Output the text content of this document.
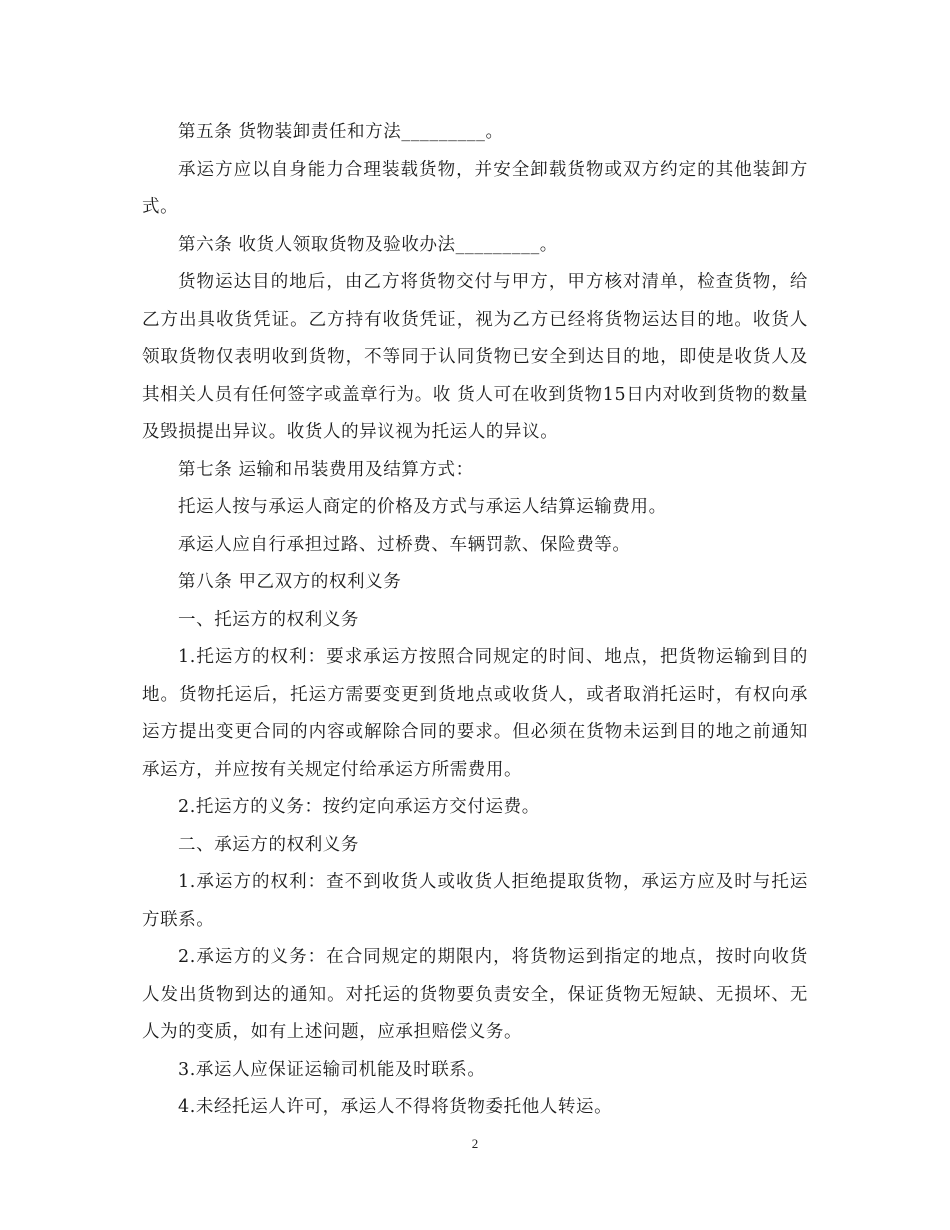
第五条 货物装卸责任和方法_________。

承运方应以自身能力合理装载货物，并安全卸载货物或双方约定的其他装卸方式。

第六条 收货人领取货物及验收办法_________。

货物运达目的地后，由乙方将货物交付与甲方，甲方核对清单，检查货物，给乙方出具收货凭证。乙方持有收货凭证，视为乙方已经将货物运达目的地。收货人领取货物仅表明收到货物，不等同于认同货物已安全到达目的地，即使是收货人及其相关人员有任何签字或盖章行为。收 货人可在收到货物15日内对收到货物的数量及毁损提出异议。收货人的异议视为托运人的异议。

第七条 运输和吊装费用及结算方式：

托运人按与承运人商定的价格及方式与承运人结算运输费用。

承运人应自行承担过路、过桥费、车辆罚款、保险费等。

第八条 甲乙双方的权利义务

一、托运方的权利义务

1.托运方的权利：要求承运方按照合同规定的时间、地点，把货物运输到目的地。货物托运后，托运方需要变更到货地点或收货人，或者取消托运时，有权向承运方提出变更合同的内容或解除合同的要求。但必须在货物未运到目的地之前通知承运方，并应按有关规定付给承运方所需费用。

2.托运方的义务：按约定向承运方交付运费。

二、承运方的权利义务

1.承运方的权利：查不到收货人或收货人拒绝提取货物，承运方应及时与托运方联系。

2.承运方的义务：在合同规定的期限内，将货物运到指定的地点，按时向收货人发出货物到达的通知。对托运的货物要负责安全，保证货物无短缺、无损坏、无人为的变质，如有上述问题，应承担赔偿义务。

3.承运人应保证运输司机能及时联系。

4.未经托运人许可，承运人不得将货物委托他人转运。

2
